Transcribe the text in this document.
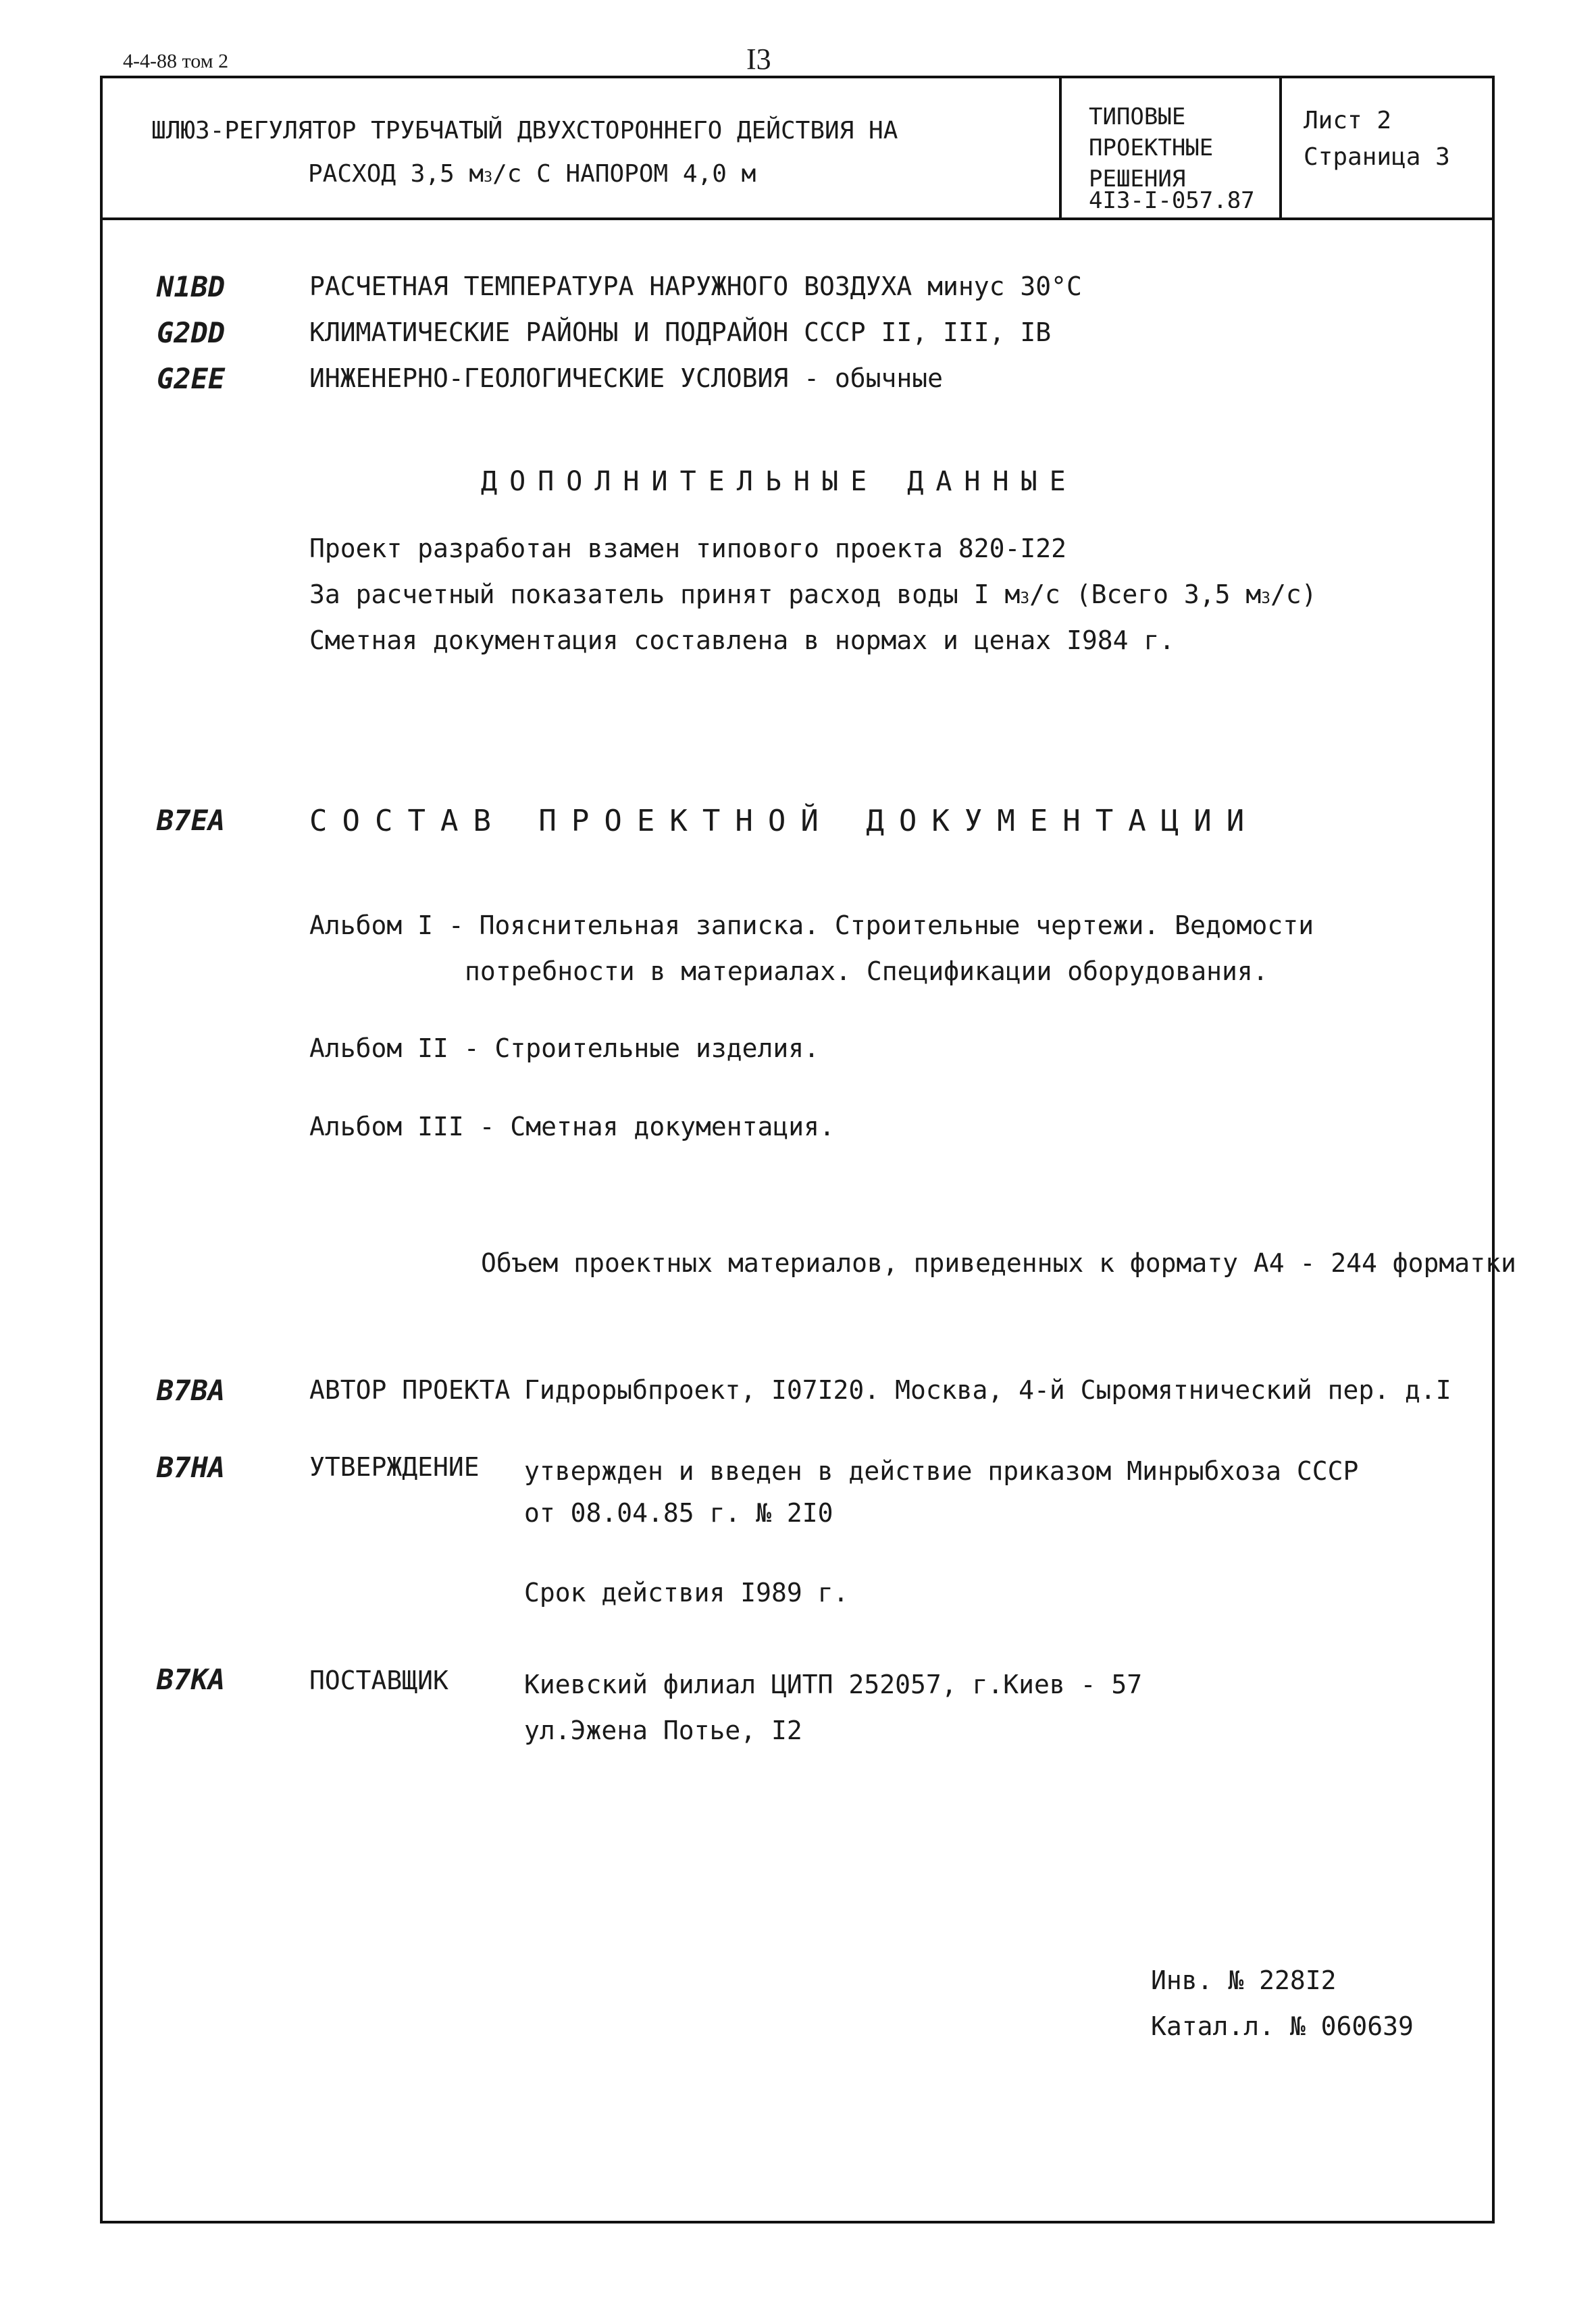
4-4-88 том 2	I3
ШЛЮЗ-РЕГУЛЯТОР ТРУБЧАТЫЙ ДВУХСТОРОННЕГО ДЕЙСТВИЯ НА
РАСХОД 3,5 $м^3/с$ С НАПОРОМ 4,0 м
ТИПОВЫЕ
ПРОЕКТНЫЕ
РЕШЕНИЯ
4I3-I-057.87
Лист 2
Страница 3
N1BD	РАСЧЕТНАЯ ТЕМПЕРАТУРА НАРУЖНОГО ВОЗДУХА минус 30°С
G2DD	КЛИМАТИЧЕСКИЕ РАЙОНЫ И ПОДРАЙОН СССР II, III, IВ
G2EE	ИНЖЕНЕРНО-ГЕОЛОГИЧЕСКИЕ УСЛОВИЯ - обычные
ДОПОЛНИТЕЛЬНЫЕ ДАННЫЕ
Проект разработан взамен типового проекта 820-I22
За расчетный показатель принят расход воды I $м^3/с$ (Всего 3,5 $м^3/с$)
Сметная документация составлена в нормах и ценах I984 г.
B7EA	СОСТАВ ПРОЕКТНОЙ ДОКУМЕНТАЦИИ
Альбом I - Пояснительная записка. Строительные чертежи. Ведомости
потребности в материалах. Спецификации оборудования.
Альбом II - Строительные изделия.
Альбом III - Сметная документация.
Объем проектных материалов, приведенных к формату А4 - 244 форматки
B7BA	АВТОР ПРОЕКТА Гидрорыбпроект, I07I20. Москва, 4-й Сыромятнический пер. д.I
B7HA	УТВЕРЖДЕНИЕ утвержден и введен в действие приказом Минрыбхоза СССР
от 08.04.85 г. № 2I0
Срок действия I989 г.
B7KA	ПОСТАВЩИК	Киевский филиал ЦИТП 252057, г.Киев - 57
ул.Эжена Потье, I2
Инв. № 228I2
Катал.л. № 060639
